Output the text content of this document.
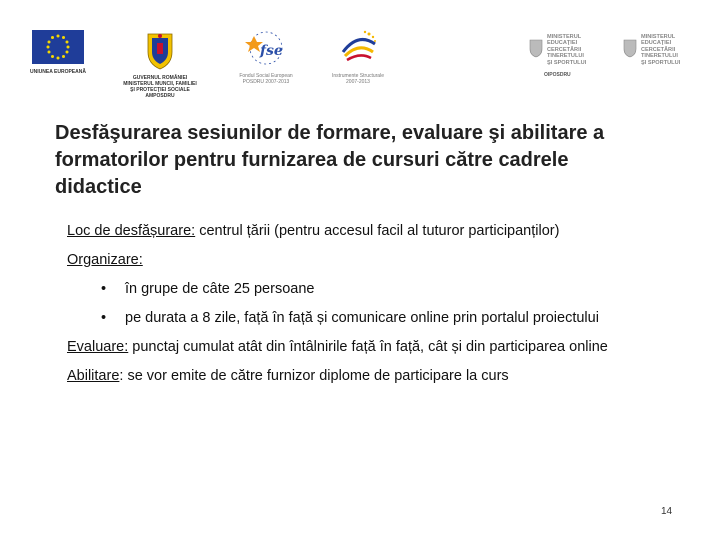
UNIUNEA EUROPEANĂ
GUVERNUL ROMÂNIEI
MINISTERUL MUNCII, FAMILIEI
ŞI PROTECŢIEI SOCIALE
AMPOSDRU
fse
Fondul Social European
POSDRU 2007-2013
Instrumente Structurale
2007-2013
MINISTERUL
EDUCAŢIEI
CERCETĂRII
TINERETULUI
ŞI SPORTULUI
OIPOSDRU
MINISTERUL
EDUCAŢIEI
CERCETĂRII
TINERETULUI
ŞI SPORTULUI
Desfăşurarea sesiunilor de formare, evaluare şi abilitare a formatorilor pentru furnizarea de cursuri către cadrele didactice

Loc de desfășurare: centrul țării (pentru accesul facil al tuturor participanților)

Organizare:

• în grupe de câte 25 persoane

• pe durata a 8 zile, față în față și comunicare online prin portalul proiectului

Evaluare: punctaj cumulat atât din întâlnirile față în față, cât și din participarea online

Abilitare: se vor emite de către furnizor diplome de participare la curs

14
